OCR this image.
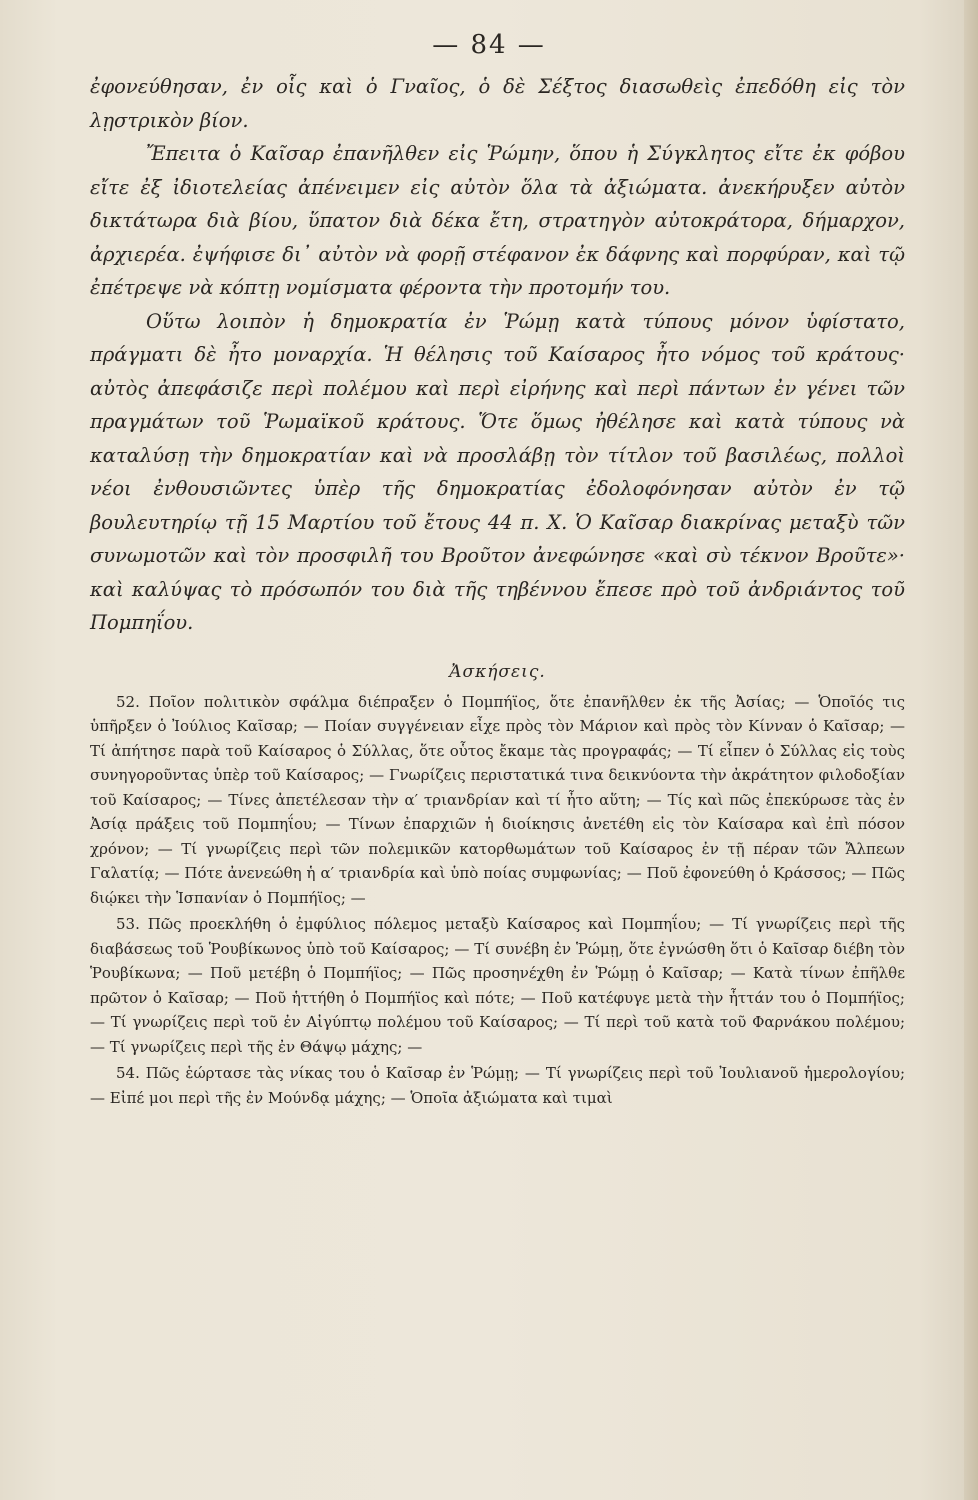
— 84 —

ἐφονεύθησαν, ἐν οἷς καὶ ὁ Γναῖος, ὁ δὲ Σέξτος διασωθεὶς ἐπεδόθη εἰς τὸν λῃστρικὸν βίον.

Ἔπειτα ὁ Καῖσαρ ἐπανῆλθεν εἰς Ῥώμην, ὅπου ἡ Σύγκλητος εἴτε ἐκ φόβου εἴτε ἐξ ἰδιοτελείας ἀπένειμεν εἰς αὐτὸν ὅλα τὰ ἀξιώματα. ἀνεκήρυξεν αὐτὸν δικτάτωρα διὰ βίου, ὕπατον διὰ δέκα ἔτη, στρατηγὸν αὐτοκράτορα, δήμαρχον, ἀρχιερέα. ἐψήφισε δι᾽ αὐτὸν νὰ φορῇ στέφανον ἐκ δάφνης καὶ πορφύραν, καὶ τῷ ἐπέτρεψε νὰ κόπτῃ νομίσματα φέροντα τὴν προτομήν του.

Οὕτω λοιπὸν ἡ δημοκρατία ἐν Ῥώμῃ κατὰ τύπους μόνον ὑφίστατο, πράγματι δὲ ἦτο μοναρχία. Ἡ θέλησις τοῦ Καίσαρος ἦτο νόμος τοῦ κράτους· αὐτὸς ἀπεφάσιζε περὶ πολέμου καὶ περὶ εἰρήνης καὶ περὶ πάντων ἐν γένει τῶν πραγμάτων τοῦ Ῥωμαϊκοῦ κράτους. Ὅτε ὅμως ἠθέλησε καὶ κατὰ τύπους νὰ καταλύσῃ τὴν δημοκρατίαν καὶ νὰ προσλάβῃ τὸν τίτλον τοῦ βασιλέως, πολλοὶ νέοι ἐνθουσιῶντες ὑπὲρ τῆς δημοκρατίας ἐδολοφόνησαν αὐτὸν ἐν τῷ βουλευτηρίῳ τῇ 15 Μαρτίου τοῦ ἔτους 44 π. Χ. Ὁ Καῖσαρ διακρίνας μεταξὺ τῶν συνωμοτῶν καὶ τὸν προσφιλῆ του Βροῦτον ἀνεφώνησε «καὶ σὺ τέκνον Βροῦτε»· καὶ καλύψας τὸ πρόσωπόν του διὰ τῆς τηβέννου ἔπεσε πρὸ τοῦ ἀνδριάντος τοῦ Πομπηΐου.

Ἀσκήσεις.

52. Ποῖον πολιτικὸν σφάλμα διέπραξεν ὁ Πομπήϊος, ὅτε ἐπανῆλθεν ἐκ τῆς Ἀσίας; — Ὁποῖός τις ὑπῆρξεν ὁ Ἰούλιος Καῖσαρ; — Ποίαν συγγένειαν εἶχε πρὸς τὸν Μάριον καὶ πρὸς τὸν Κίνναν ὁ Καῖσαρ; — Τί ἀπήτησε παρὰ τοῦ Καίσαρος ὁ Σύλλας, ὅτε οὗτος ἔκαμε τὰς προγραφάς; — Τί εἶπεν ὁ Σύλλας εἰς τοὺς συνηγοροῦντας ὑπὲρ τοῦ Καίσαρος; — Γνωρίζεις περιστατικά τινα δεικνύοντα τὴν ἀκράτητον φιλοδοξίαν τοῦ Καίσαρος; — Τίνες ἀπετέλεσαν τὴν α′ τριανδρίαν καὶ τί ἦτο αὕτη; — Τίς καὶ πῶς ἐπεκύρωσε τὰς ἐν Ἀσίᾳ πράξεις τοῦ Πομπηΐου; — Τίνων ἐπαρχιῶν ἡ διοίκησις ἀνετέθη εἰς τὸν Καίσαρα καὶ ἐπὶ πόσον χρόνον; — Τί γνωρίζεις περὶ τῶν πολεμικῶν κατορθωμάτων τοῦ Καίσαρος ἐν τῇ πέραν τῶν Ἄλπεων Γαλατίᾳ; — Πότε ἀνενεώθη ἡ α′ τριανδρία καὶ ὑπὸ ποίας συμφωνίας; — Ποῦ ἐφονεύθη ὁ Κράσσος; — Πῶς διῴκει τὴν Ἱσπανίαν ὁ Πομπήϊος; —

53. Πῶς προεκλήθη ὁ ἐμφύλιος πόλεμος μεταξὺ Καίσαρος καὶ Πομπηΐου; — Τί γνωρίζεις περὶ τῆς διαβάσεως τοῦ Ῥουβίκωνος ὑπὸ τοῦ Καίσαρος; — Τί συνέβη ἐν Ῥώμῃ, ὅτε ἐγνώσθη ὅτι ὁ Καῖσαρ διέβη τὸν Ῥουβίκωνα; — Ποῦ μετέβη ὁ Πομπήϊος; — Πῶς προσηνέχθη ἐν Ῥώμῃ ὁ Καῖσαρ; — Κατὰ τίνων ἐπῆλθε πρῶτον ὁ Καῖσαρ; — Ποῦ ἡττήθη ὁ Πομπήϊος καὶ πότε; — Ποῦ κατέφυγε μετὰ τὴν ἧττάν του ὁ Πομπήϊος; — Τί γνωρίζεις περὶ τοῦ ἐν Αἰγύπτῳ πολέμου τοῦ Καίσαρος; — Τί περὶ τοῦ κατὰ τοῦ Φαρνάκου πολέμου; — Τί γνωρίζεις περὶ τῆς ἐν Θάψῳ μάχης; —

54. Πῶς ἑώρτασε τὰς νίκας του ὁ Καῖσαρ ἐν Ῥώμῃ; — Τί γνωρίζεις περὶ τοῦ Ἰουλιανοῦ ἡμερολογίου; — Εἰπέ μοι περὶ τῆς ἐν Μούνδᾳ μάχης; — Ὁποῖα ἀξιώματα καὶ τιμαὶ
